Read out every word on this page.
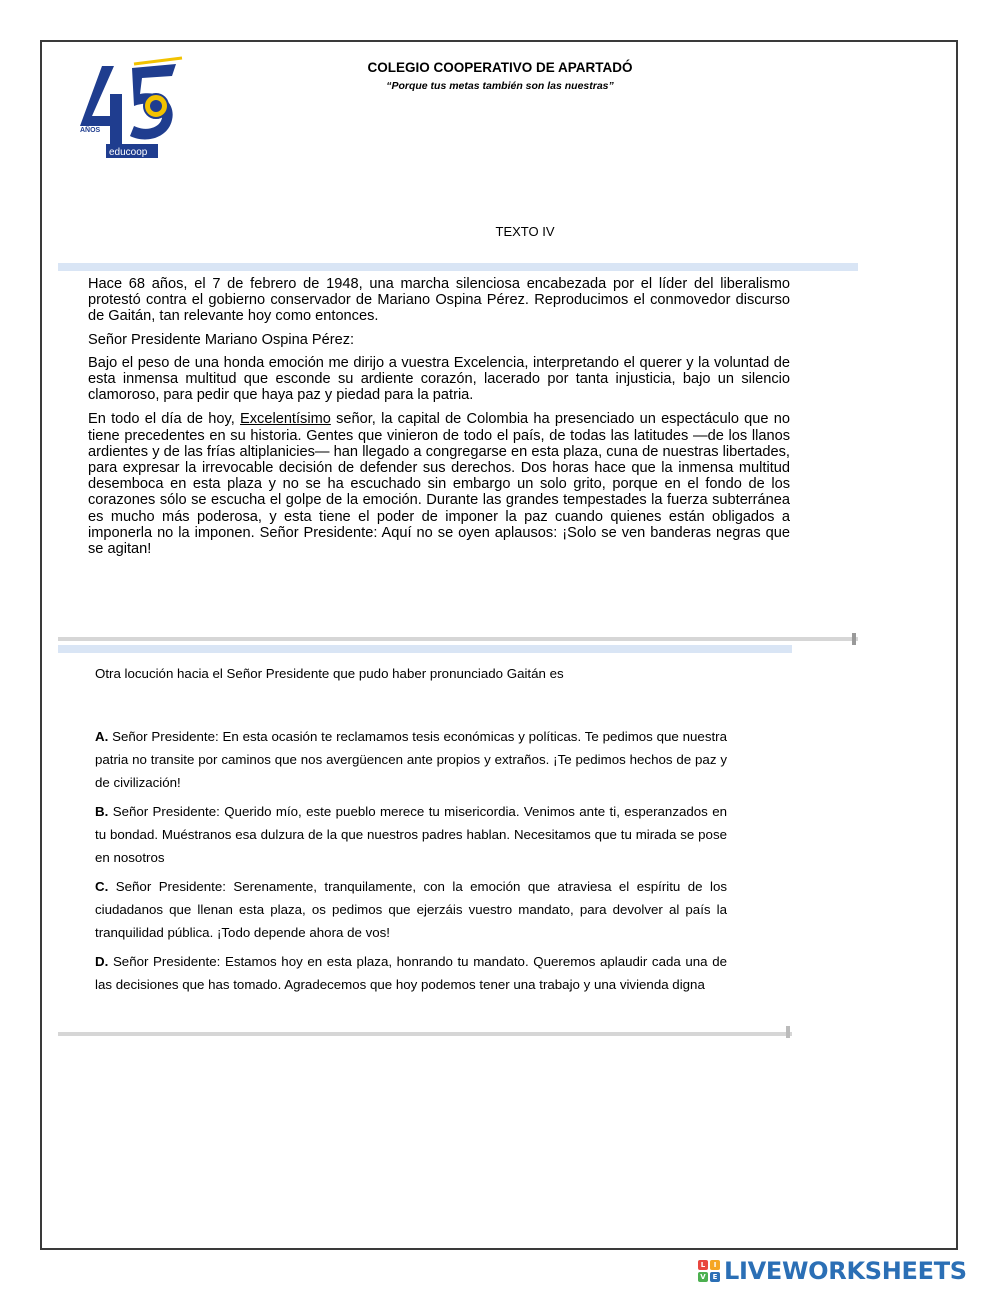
AÑOS
educoop
COLEGIO COOPERATIVO DE APARTADÓ
“Porque tus metas también son las nuestras”
TEXTO IV

Hace 68 años, el 7 de febrero de 1948, una marcha silenciosa encabezada por el líder del liberalismo protestó contra el gobierno conservador de Mariano Ospina Pérez. Reproducimos el conmovedor discurso de Gaitán, tan relevante hoy como entonces.

Señor Presidente Mariano Ospina Pérez:

Bajo el peso de una honda emoción me dirijo a vuestra Excelencia, interpretando el querer y la voluntad de esta inmensa multitud que esconde su ardiente corazón, lacerado por tanta injusticia, bajo un silencio clamoroso, para pedir que haya paz y piedad para la patria.

En todo el día de hoy, Excelentísimo señor, la capital de Colombia ha presenciado un espectáculo que no tiene precedentes en su historia. Gentes que vinieron de todo el país, de todas las latitudes —de los llanos ardientes y de las frías altiplanicies— han llegado a congregarse en esta plaza, cuna de nuestras libertades, para expresar la irrevocable decisión de defender sus derechos. Dos horas hace que la inmensa multitud desemboca en esta plaza y no se ha escuchado sin embargo un solo grito, porque en el fondo de los corazones sólo se escucha el golpe de la emoción. Durante las grandes tempestades la fuerza subterránea es mucho más poderosa, y esta tiene el poder de imponer la paz cuando quienes están obligados a imponerla no la imponen. Señor Presidente: Aquí no se oyen aplausos: ¡Solo se ven banderas negras que se agitan!

Otra locución hacia el Señor Presidente que pudo haber pronunciado Gaitán es

A. Señor Presidente: En esta ocasión te reclamamos tesis económicas y políticas. Te pedimos que nuestra patria no transite por caminos que nos avergüencen ante propios y extraños. ¡Te pedimos hechos de paz y de civilización!

B. Señor Presidente: Querido mío, este pueblo merece tu misericordia. Venimos ante ti, esperanzados en tu bondad. Muéstranos esa dulzura de la que nuestros padres hablan. Necesitamos que tu mirada se pose en nosotros

C. Señor Presidente: Serenamente, tranquilamente, con la emoción que atraviesa el espíritu de los ciudadanos que llenan esta plaza, os pedimos que ejerzáis vuestro mandato, para devolver al país la tranquilidad pública. ¡Todo depende ahora de vos!

D. Señor Presidente: Estamos hoy en esta plaza, honrando tu mandato. Queremos aplaudir cada una de las decisiones que has tomado. Agradecemos que hoy podemos tener una trabajo y una vivienda digna

L	I
V E LIVEWORKSHEETS
